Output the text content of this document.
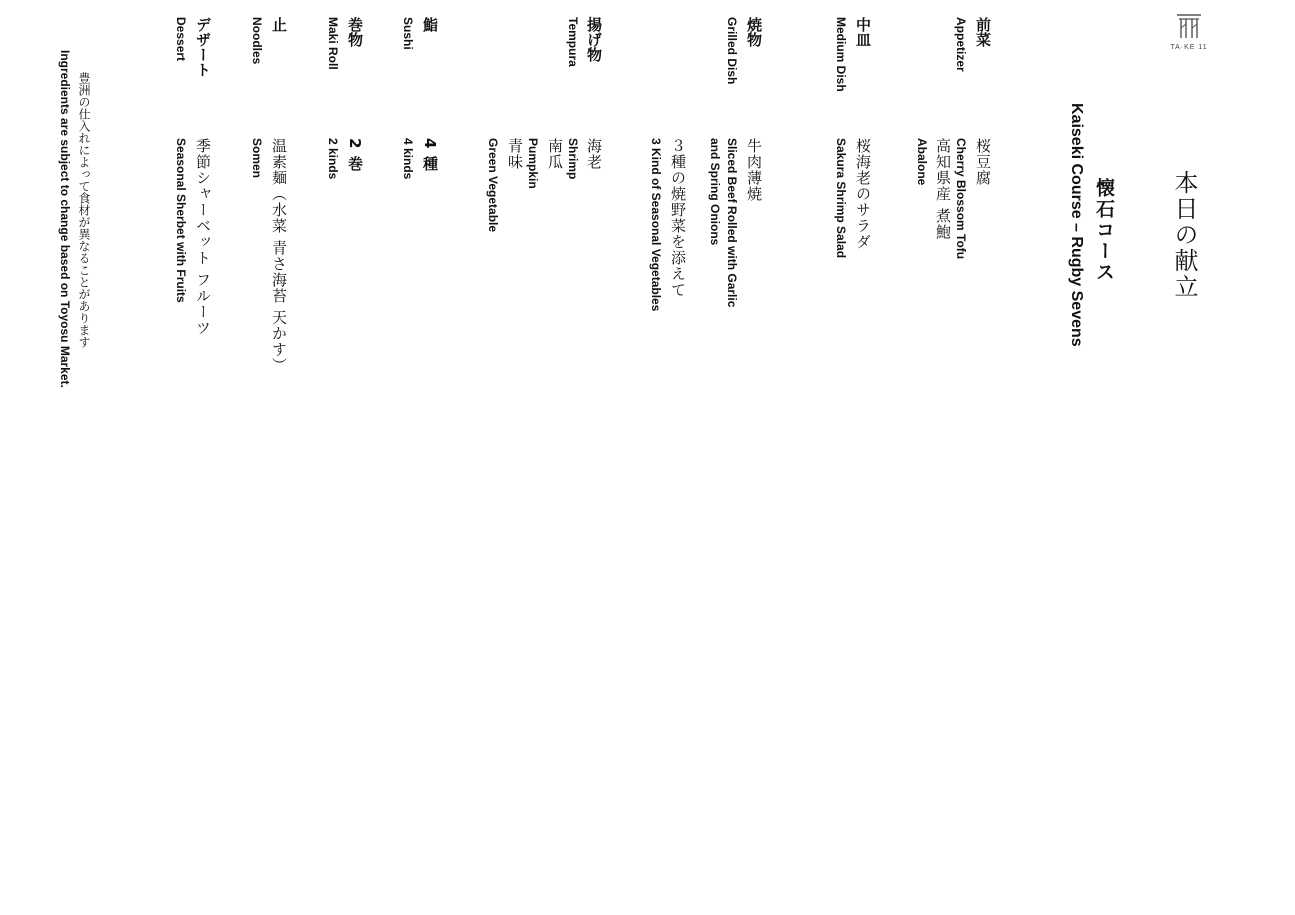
TA·KE 11
本日の献立
懐石コース
Kaiseki Course – Rugby Sevens
前菜
Appetizer
桜豆腐
Cherry Blossom Tofu
高知県産 煮鮑
Abalone
中皿
Medium Dish
桜海老のサラダ
Sakura Shrimp Salad
焼物
Grilled Dish
牛肉薄焼
Sliced Beef Rolled with Garlic
and Spring Onions
３種の焼野菜を添えて
3 Kind of Seasonal Vegetables
揚げ物
Tempura
海老
Shrimp
南瓜
Pumpkin
青味
Green Vegetable
鮨
Sushi
4 種
4 kinds
巻物
Maki Roll
2 巻
2 kinds
止
Noodles
温素麺（水菜 青さ海苔 天かす）
Somen
デザート
Dessert
季節シャーベット フルーツ
Seasonal Sherbet with Fruits
豊洲の仕入れによって食材が異なることがあります
Ingredients are subject to change based on Toyosu Market.
